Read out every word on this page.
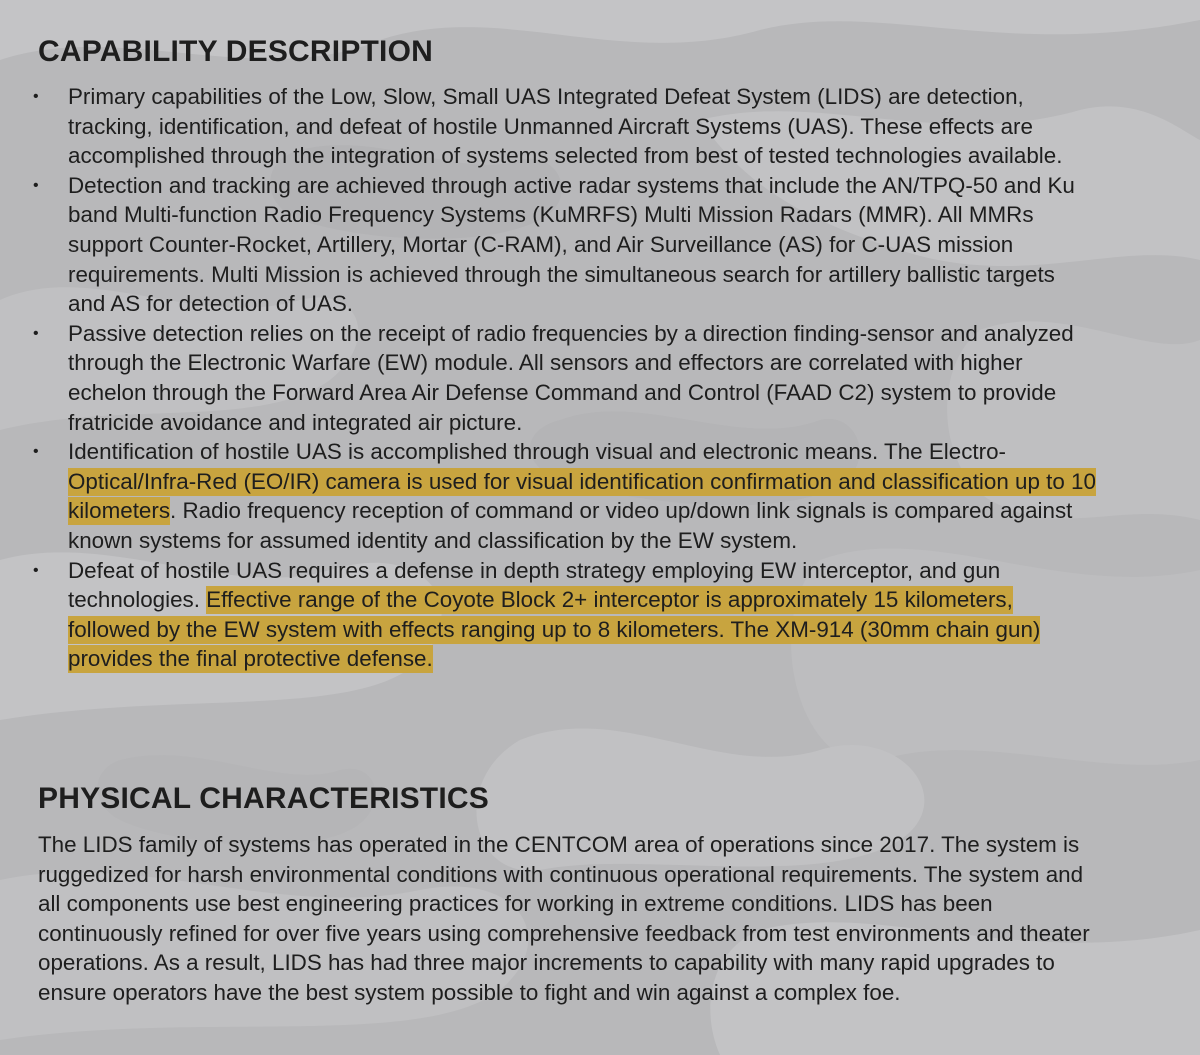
CAPABILITY DESCRIPTION
• Primary capabilities of the Low, Slow, Small UAS Integrated Defeat System (LIDS) are detection, tracking, identification, and defeat of hostile Unmanned Aircraft Systems (UAS). These effects are accomplished through the integration of systems selected from best of tested technologies available.
• Detection and tracking are achieved through active radar systems that include the AN/TPQ-50 and Ku band Multi-function Radio Frequency Systems (KuMRFS) Multi Mission Radars (MMR). All MMRs support Counter-Rocket, Artillery, Mortar (C-RAM), and Air Surveillance (AS) for C-UAS mission requirements. Multi Mission is achieved through the simultaneous search for artillery ballistic targets and AS for detection of UAS.
• Passive detection relies on the receipt of radio frequencies by a direction finding-sensor and analyzed through the Electronic Warfare (EW) module. All sensors and effectors are correlated with higher echelon through the Forward Area Air Defense Command and Control (FAAD C2) system to provide fratricide avoidance and integrated air picture.
• Identification of hostile UAS is accomplished through visual and electronic means. The Electro-Optical/Infra-Red (EO/IR) camera is used for visual identification confirmation and classification up to 10 kilometers. Radio frequency reception of command or video up/down link signals is compared against known systems for assumed identity and classification by the EW system.
• Defeat of hostile UAS requires a defense in depth strategy employing EW interceptor, and gun technologies. Effective range of the Coyote Block 2+ interceptor is approximately 15 kilometers, followed by the EW system with effects ranging up to 8 kilometers. The XM-914 (30mm chain gun) provides the final protective defense.
PHYSICAL CHARACTERISTICS

The LIDS family of systems has operated in the CENTCOM area of operations since 2017. The system is ruggedized for harsh environmental conditions with continuous operational requirements. The system and all components use best engineering practices for working in extreme conditions. LIDS has been continuously refined for over five years using comprehensive feedback from test environments and theater operations. As a result, LIDS has had three major increments to capability with many rapid upgrades to ensure operators have the best system possible to fight and win against a complex foe.
